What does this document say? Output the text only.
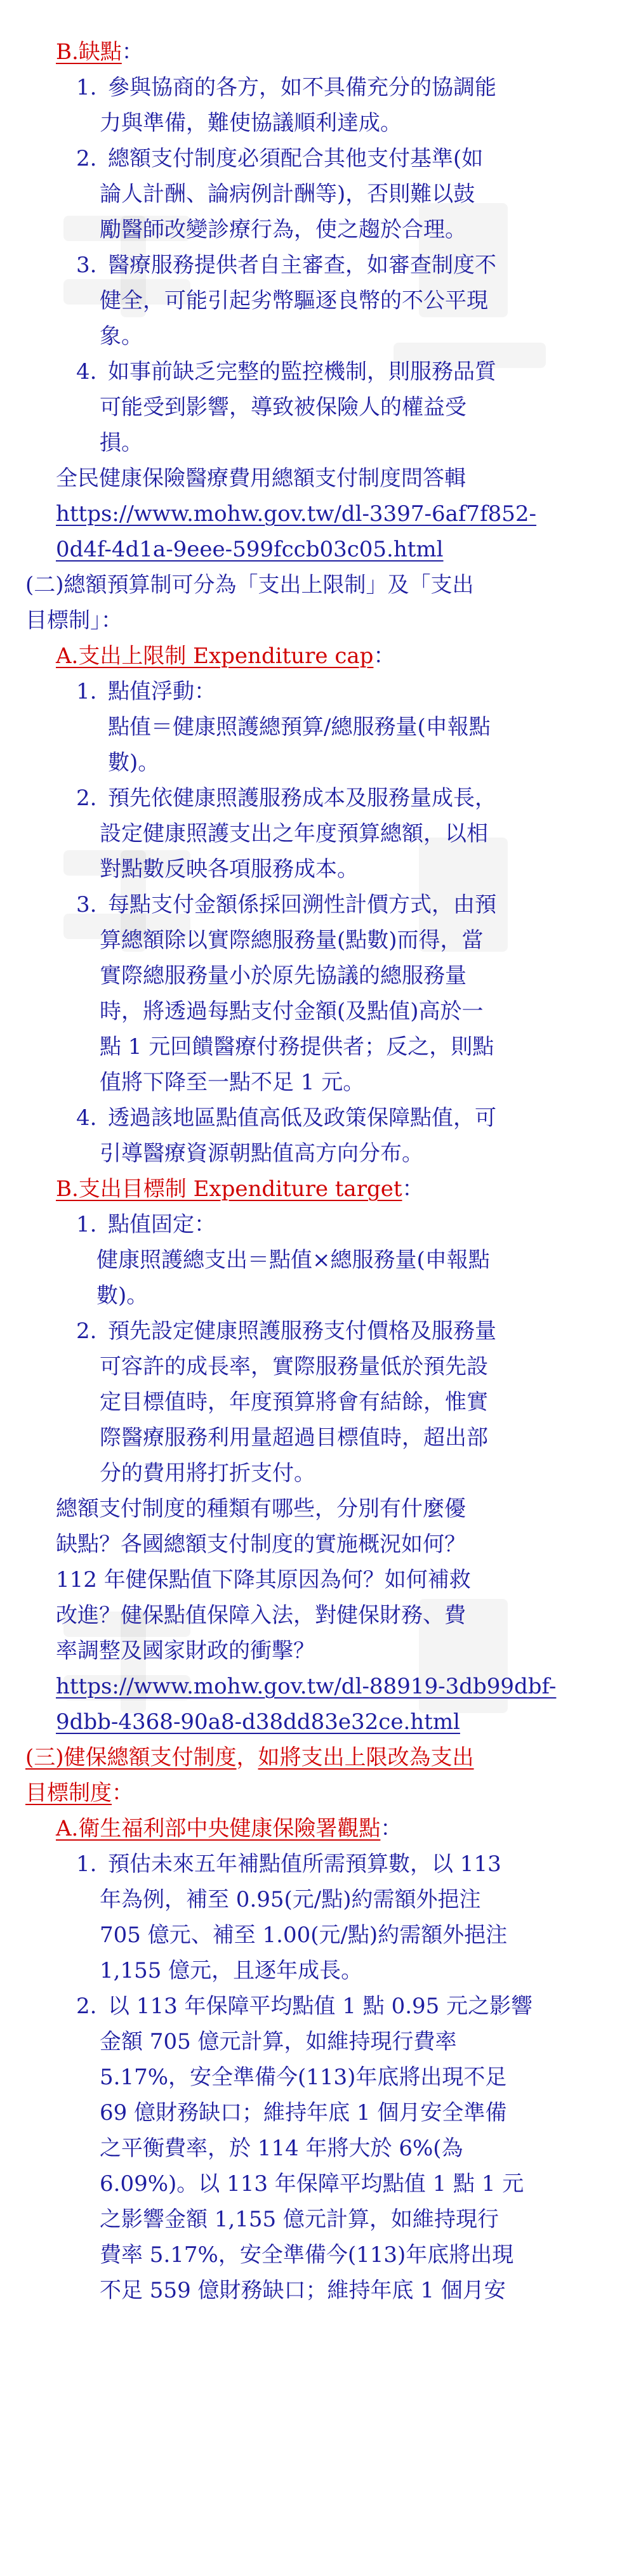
B.缺點：
1. 參與協商的各方，如不具備充分的協調能
力與準備，難使協議順利達成。
2. 總額支付制度必須配合其他支付基準(如
論人計酬、論病例計酬等)，否則難以鼓
勵醫師改變診療行為，使之趨於合理。
3. 醫療服務提供者自主審查，如審查制度不
健全，可能引起劣幣驅逐良幣的不公平現
象。
4. 如事前缺乏完整的監控機制，則服務品質
可能受到影響，導致被保險人的權益受
損。
全民健康保險醫療費用總額支付制度問答輯
https://www.mohw.gov.tw/dl-3397-6af7f852-
0d4f-4d1a-9eee-599fccb03c05.html
(二)總額預算制可分為「支出上限制」及「支出
目標制」：
A.支出上限制 Expenditure cap：
1. 點值浮動：
點值＝健康照護總預算/總服務量(申報點
數)。
2. 預先依健康照護服務成本及服務量成長，
設定健康照護支出之年度預算總額，以相
對點數反映各項服務成本。
3. 每點支付金額係採回溯性計價方式，由預
算總額除以實際總服務量(點數)而得，當
實際總服務量小於原先協議的總服務量
時，將透過每點支付金額(及點值)高於一
點 1 元回饋醫療付務提供者；反之，則點
值將下降至一點不足 1 元。
4. 透過該地區點值高低及政策保障點值，可
引導醫療資源朝點值高方向分布。
B.支出目標制 Expenditure target：
1. 點值固定：
健康照護總支出＝點值×總服務量(申報點
數)。
2. 預先設定健康照護服務支付價格及服務量
可容許的成長率，實際服務量低於預先設
定目標值時，年度預算將會有結餘，惟實
際醫療服務利用量超過目標值時，超出部
分的費用將打折支付。
總額支付制度的種類有哪些，分別有什麼優
缺點？各國總額支付制度的實施概況如何？
112 年健保點值下降其原因為何？如何補救
改進？健保點值保障入法，對健保財務、費
率調整及國家財政的衝擊？
https://www.mohw.gov.tw/dl-88919-3db99dbf-
9dbb-4368-90a8-d38dd83e32ce.html
(三)健保總額支付制度，如將支出上限改為支出
目標制度：
A.衛生福利部中央健康保險署觀點：
1. 預估未來五年補點值所需預算數，以 113
年為例，補至 0.95(元/點)約需額外挹注
705 億元、補至 1.00(元/點)約需額外挹注
1,155 億元，且逐年成長。
2. 以 113 年保障平均點值 1 點 0.95 元之影響
金額 705 億元計算，如維持現行費率
5.17%，安全準備今(113)年底將出現不足
69 億財務缺口；維持年底 1 個月安全準備
之平衡費率，於 114 年將大於 6%(為
6.09%)。以 113 年保障平均點值 1 點 1 元
之影響金額 1,155 億元計算，如維持現行
費率 5.17%，安全準備今(113)年底將出現
不足 559 億財務缺口；維持年底 1 個月安
